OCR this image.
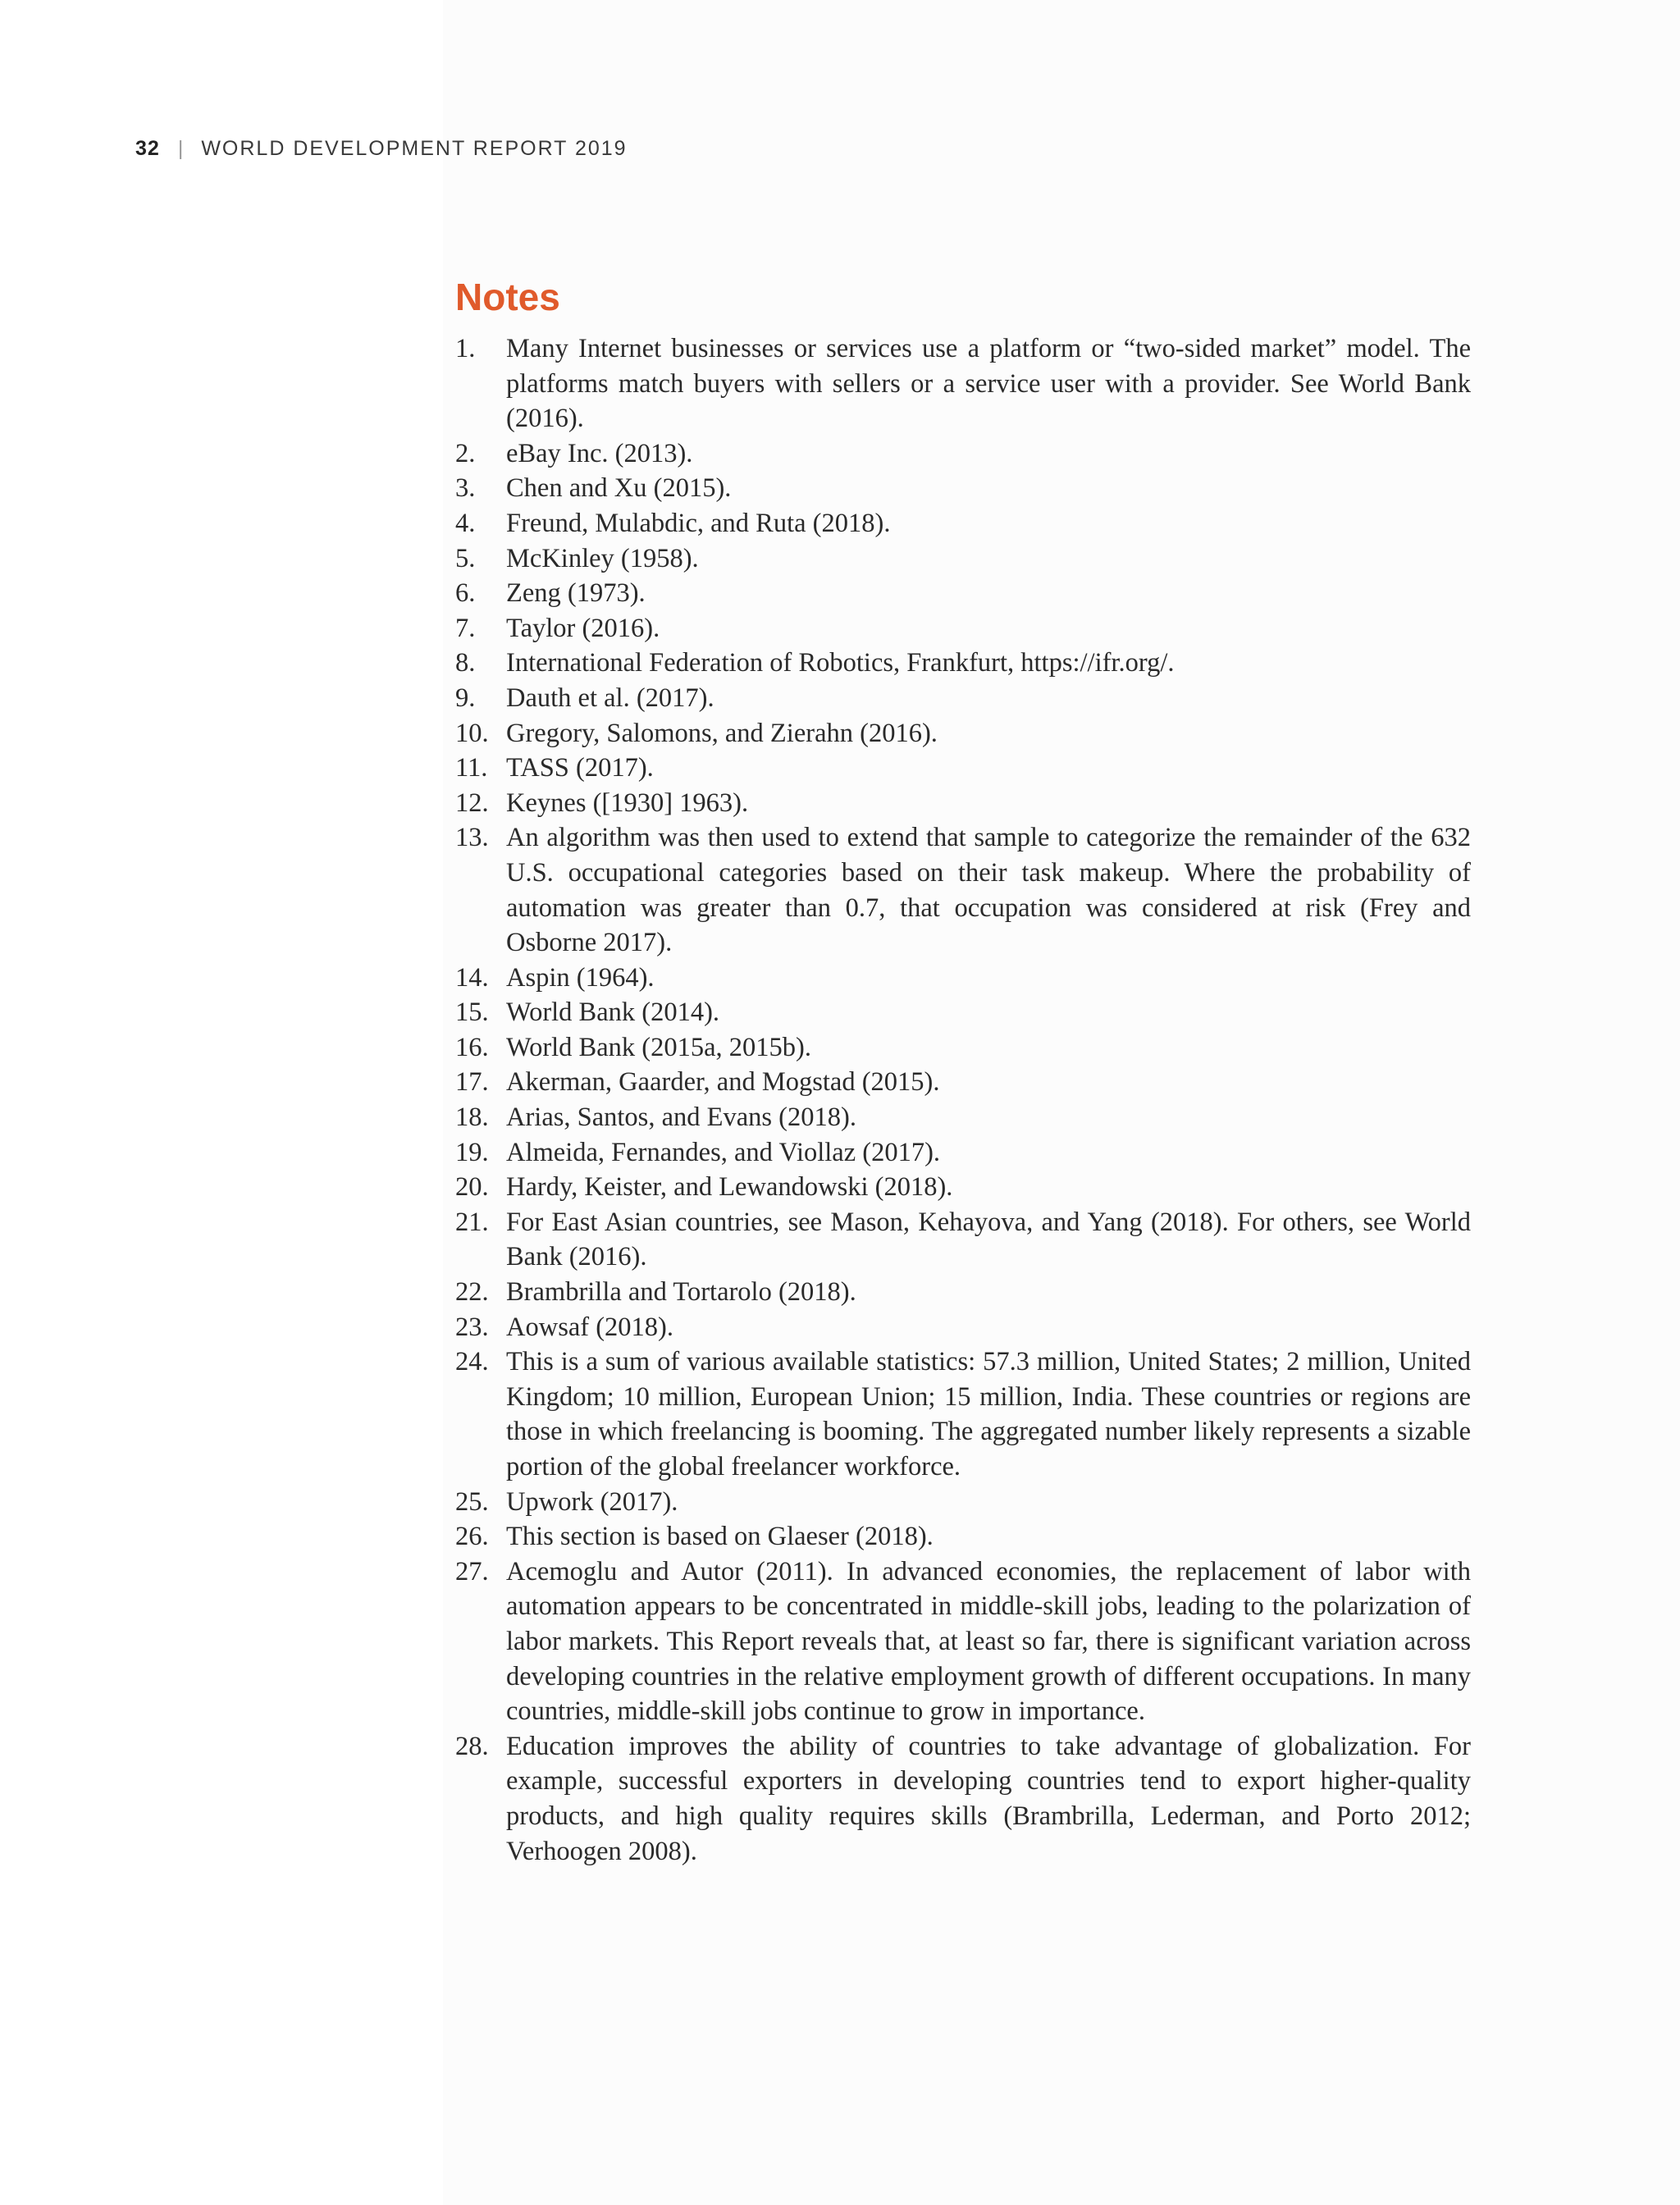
32 | WORLD DEVELOPMENT REPORT 2019
Notes
1.	Many Internet businesses or services use a platform or “two-sided market” model. The platforms match buyers with sellers or a service user with a provider. See World Bank (2016).
2.	eBay Inc. (2013).
3.	Chen and Xu (2015).
4.	Freund, Mulabdic, and Ruta (2018).
5.	McKinley (1958).
6.	Zeng (1973).
7.	Taylor (2016).
8.	International Federation of Robotics, Frankfurt, https://ifr.org/.
9.	Dauth et al. (2017).
10. Gregory, Salomons, and Zierahn (2016).
11. TASS (2017).
12. Keynes ([1930] 1963).
13. An algorithm was then used to extend that sample to categorize the remainder of the 632 U.S. occupational categories based on their task makeup. Where the probability of automation was greater than 0.7, that occupation was considered at risk (Frey and Osborne 2017).
14. Aspin (1964).
15. World Bank (2014).
16. World Bank (2015a, 2015b).
17. Akerman, Gaarder, and Mogstad (2015).
18. Arias, Santos, and Evans (2018).
19. Almeida, Fernandes, and Viollaz (2017).
20. Hardy, Keister, and Lewandowski (2018).
21. For East Asian countries, see Mason, Kehayova, and Yang (2018). For others, see World Bank (2016).
22. Brambrilla and Tortarolo (2018).
23. Aowsaf (2018).
24. This is a sum of various available statistics: 57.3 million, United States; 2 million, United Kingdom; 10 million, European Union; 15 million, India. These countries or regions are those in which freelancing is booming. The aggregated number likely represents a sizable portion of the global freelancer workforce.
25. Upwork (2017).
26. This section is based on Glaeser (2018).
27. Acemoglu and Autor (2011). In advanced economies, the replacement of labor with automation appears to be concentrated in middle-skill jobs, leading to the polarization of labor markets. This Report reveals that, at least so far, there is significant variation across developing countries in the relative employment growth of different occupations. In many countries, middle-skill jobs continue to grow in importance.
28. Education improves the ability of countries to take advantage of globalization. For example, successful exporters in developing countries tend to export higher-quality products, and high quality requires skills (Brambrilla, Lederman, and Porto 2012; Verhoogen 2008).
